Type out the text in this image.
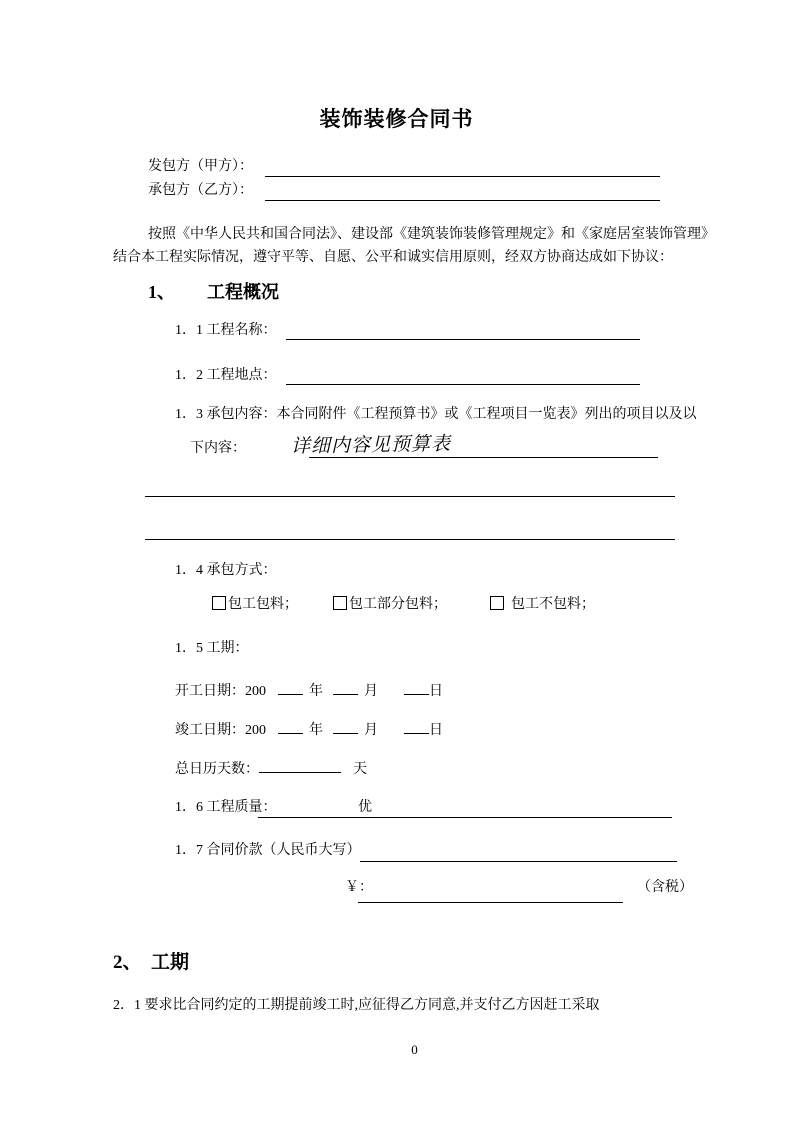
装饰装修合同书
发包方（甲方）：
承包方（乙方）：
按照《中华人民共和国合同法》、建设部《建筑装饰装修管理规定》和《家庭居室装饰管理》
结合本工程实际情况，遵守平等、自愿、公平和诚实信用原则，经双方协商达成如下协议：
1、 工程概况
1．1 工程名称：
1．2 工程地点：
1．3 承包内容：本合同附件《工程预算书》或《工程项目一览表》列出的项目以及以
下内容： 详细内容见预算表
1．4 承包方式：
包工包料；	包工部分包料；	包工不包料；
1．5 工期：
开工日期：200	年	月	日
竣工日期：200	年	月	日
总日历天数：	天
1．6 工程质量：	优
1．7 合同价款（人民币大写）
￥：	（含税）
2、 工期
2．1 要求比合同约定的工期提前竣工时,应征得乙方同意,并支付乙方因赶工采取
0
